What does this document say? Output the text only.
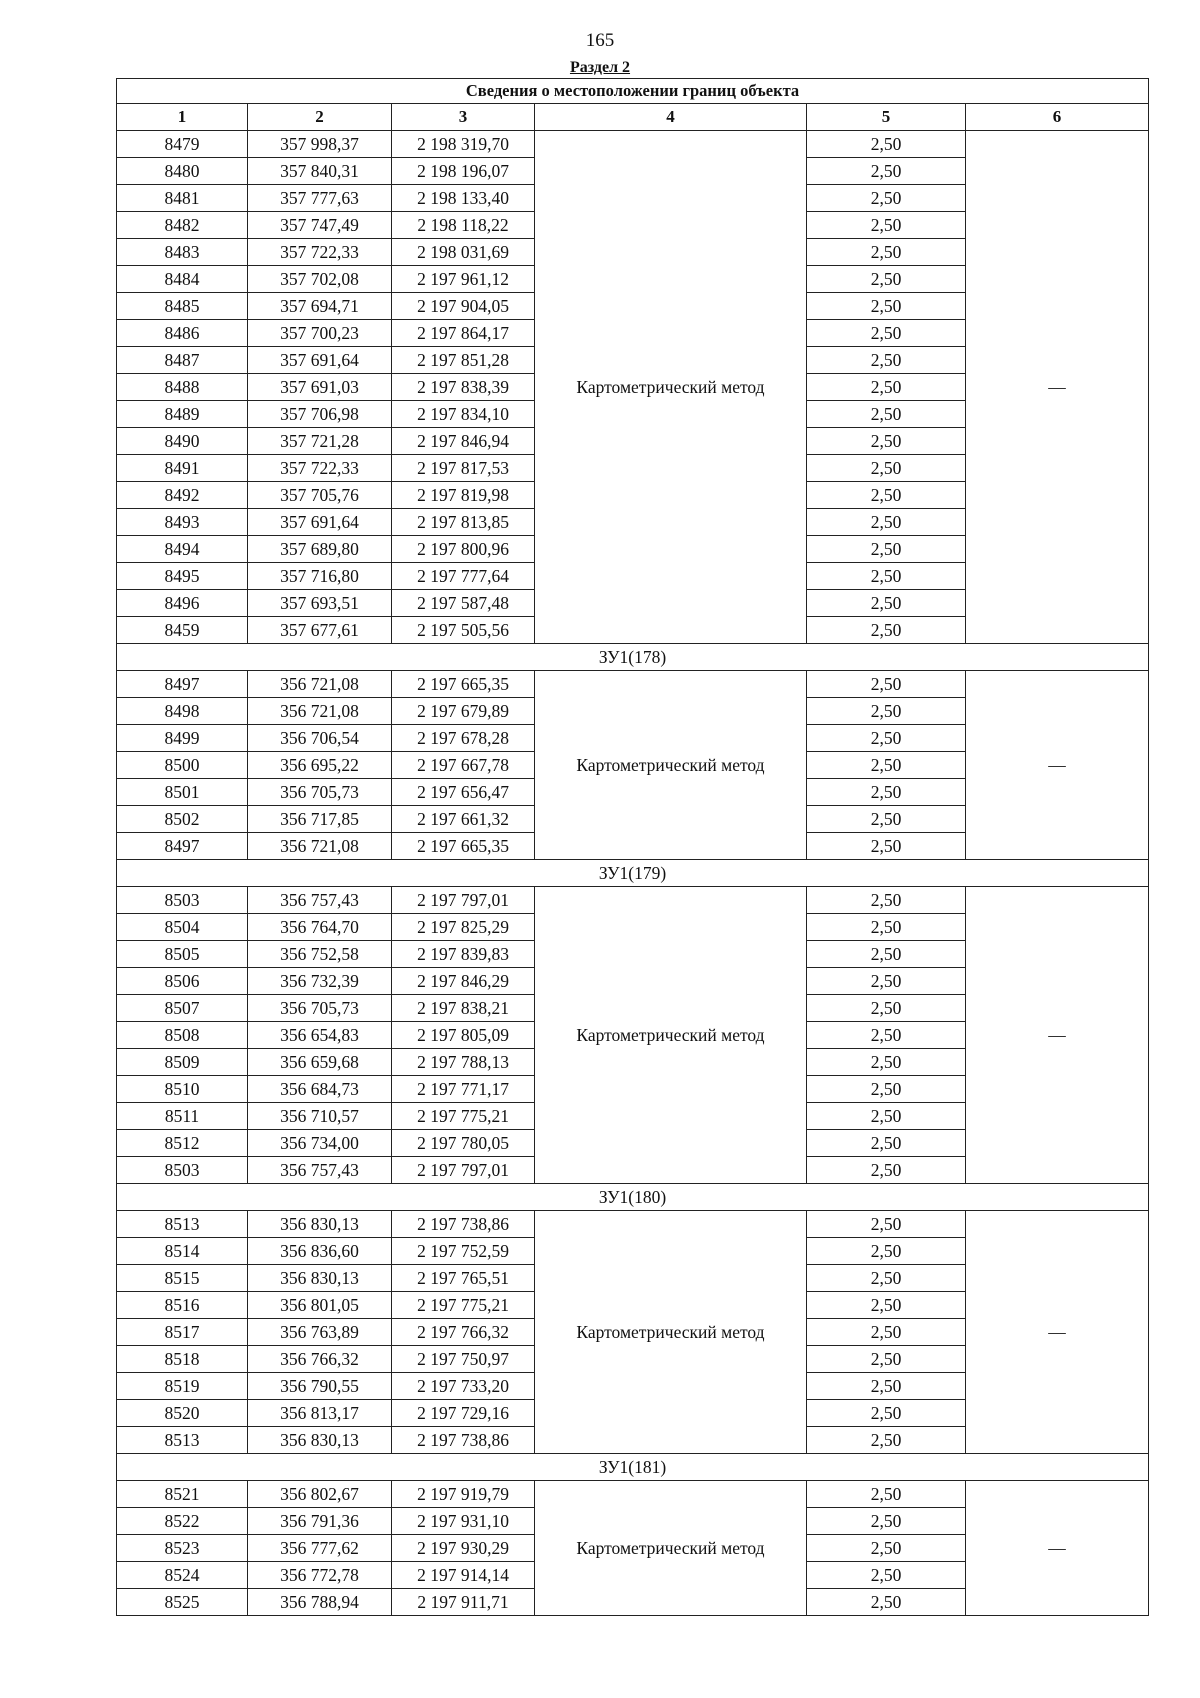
165
Раздел 2
Сведения о местоположении границ объекта					
1	2	3	4	5	6
8479	357 998,37	2 198 319,70	Картометрический метод	2,50	—
8480	357 840,31	2 198 196,07		2,50	
8481	357 777,63	2 198 133,40		2,50	
8482	357 747,49	2 198 118,22		2,50	
8483	357 722,33	2 198 031,69		2,50	
8484	357 702,08	2 197 961,12		2,50	
8485	357 694,71	2 197 904,05		2,50	
8486	357 700,23	2 197 864,17		2,50	
8487	357 691,64	2 197 851,28		2,50	
8488	357 691,03	2 197 838,39		2,50	
8489	357 706,98	2 197 834,10		2,50	
8490	357 721,28	2 197 846,94		2,50	
8491	357 722,33	2 197 817,53		2,50	
8492	357 705,76	2 197 819,98		2,50	
8493	357 691,64	2 197 813,85		2,50	
8494	357 689,80	2 197 800,96		2,50	
8495	357 716,80	2 197 777,64		2,50	
8496	357 693,51	2 197 587,48		2,50	
8459	357 677,61	2 197 505,56		2,50	
ЗУ1(178)					
8497	356 721,08	2 197 665,35	Картометрический метод	2,50	—
8498	356 721,08	2 197 679,89		2,50	
8499	356 706,54	2 197 678,28		2,50	
8500	356 695,22	2 197 667,78		2,50	
8501	356 705,73	2 197 656,47		2,50	
8502	356 717,85	2 197 661,32		2,50	
8497	356 721,08	2 197 665,35		2,50	
ЗУ1(179)					
8503	356 757,43	2 197 797,01	Картометрический метод	2,50	—
8504	356 764,70	2 197 825,29		2,50	
8505	356 752,58	2 197 839,83		2,50	
8506	356 732,39	2 197 846,29		2,50	
8507	356 705,73	2 197 838,21		2,50	
8508	356 654,83	2 197 805,09		2,50	
8509	356 659,68	2 197 788,13		2,50	
8510	356 684,73	2 197 771,17		2,50	
8511	356 710,57	2 197 775,21		2,50	
8512	356 734,00	2 197 780,05		2,50	
8503	356 757,43	2 197 797,01		2,50	
ЗУ1(180)					
8513	356 830,13	2 197 738,86	Картометрический метод	2,50	—
8514	356 836,60	2 197 752,59		2,50	
8515	356 830,13	2 197 765,51		2,50	
8516	356 801,05	2 197 775,21		2,50	
8517	356 763,89	2 197 766,32		2,50	
8518	356 766,32	2 197 750,97		2,50	
8519	356 790,55	2 197 733,20		2,50	
8520	356 813,17	2 197 729,16		2,50	
8513	356 830,13	2 197 738,86		2,50	
ЗУ1(181)					
8521	356 802,67	2 197 919,79	Картометрический метод	2,50	—
8522	356 791,36	2 197 931,10		2,50	
8523	356 777,62	2 197 930,29		2,50	
8524	356 772,78	2 197 914,14		2,50	
8525	356 788,94	2 197 911,71		2,50	
